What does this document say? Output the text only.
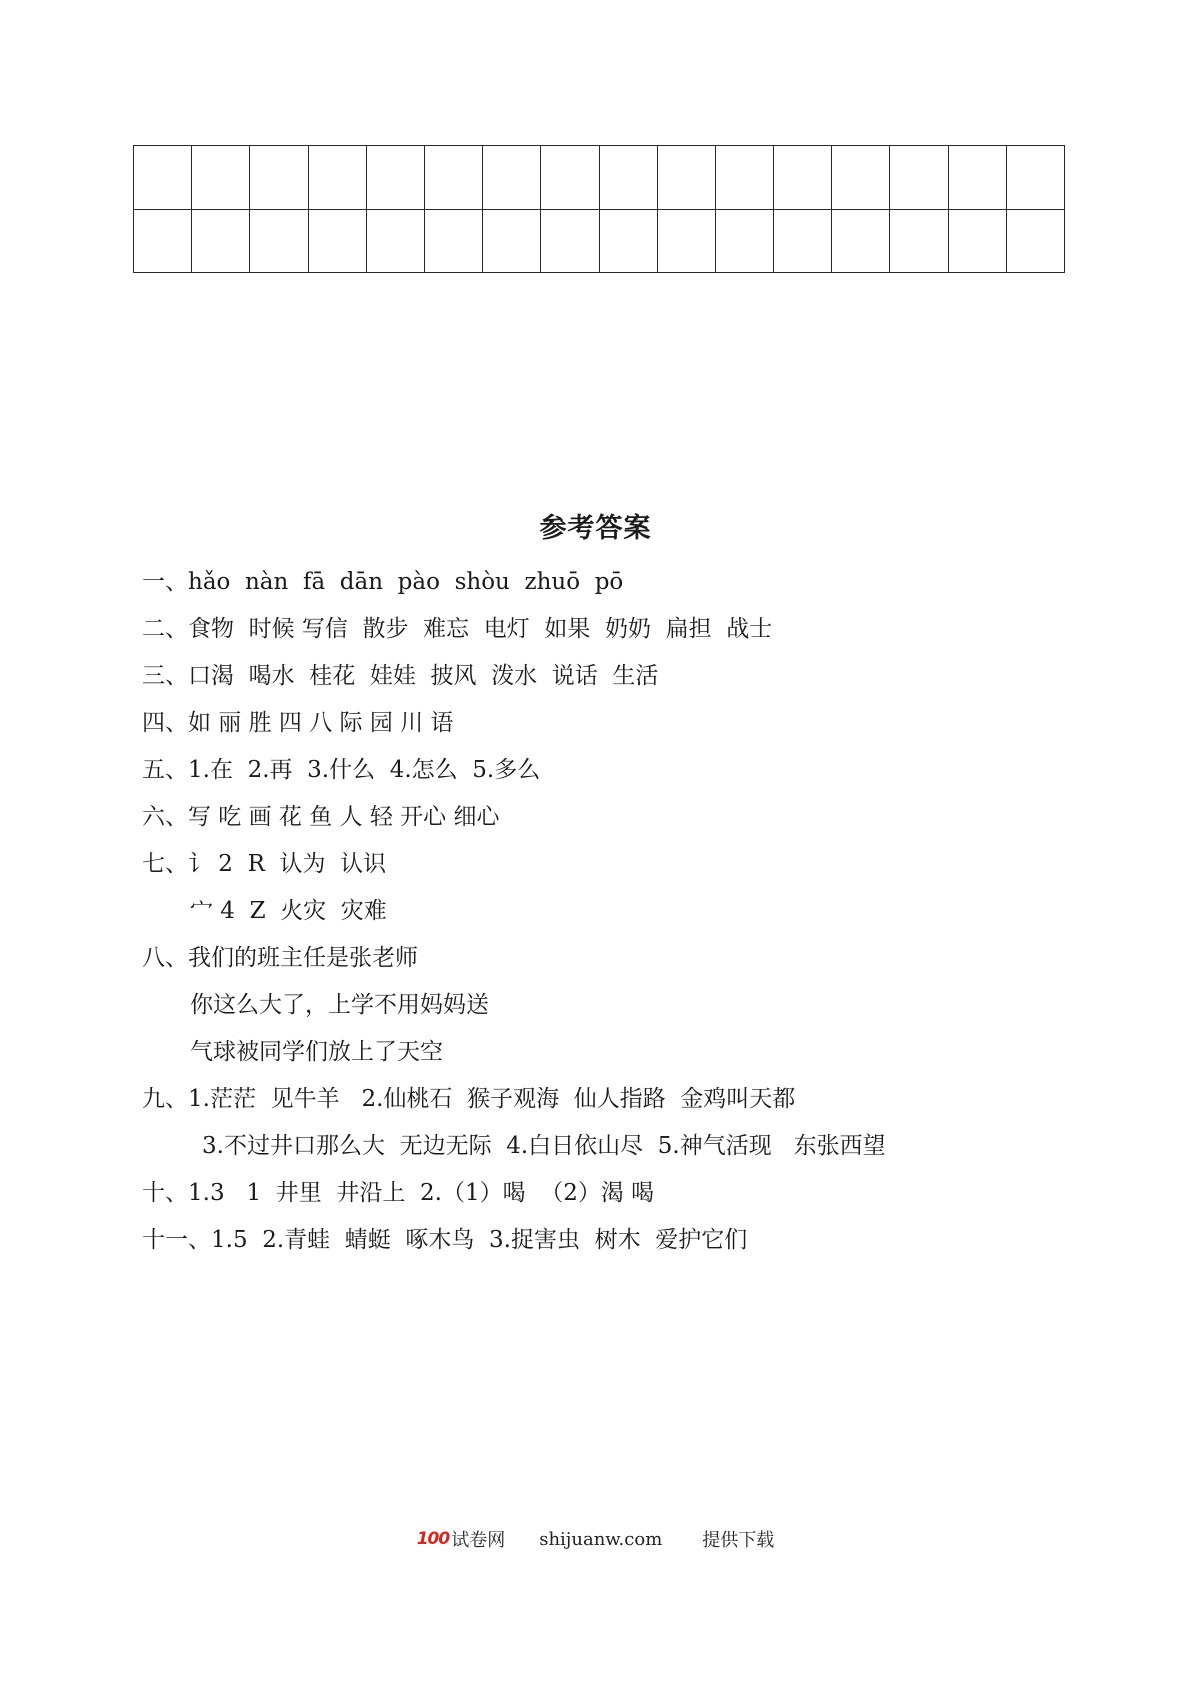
参考答案
一、hǎo  nàn  fā  dān  pào  shòu  zhuō  pō
二、食物  时候 写信  散步  难忘  电灯  如果  奶奶  扁担  战士
三、口渴  喝水  桂花  娃娃  披风  泼水  说话  生活
四、如 丽 胜 四 八 际 园 川 语
五、1.在  2.再  3.什么  4.怎么  5.多么
六、写 吃 画 花 鱼 人 轻 开心 细心
七、讠 2  R  认为  认识
宀 4  Z  火灾  灾难
八、我们的班主任是张老师
你这么大了，上学不用妈妈送
气球被同学们放上了天空
九、1.茫茫  见牛羊   2.仙桃石  猴子观海  仙人指路  金鸡叫天都
3.不过井口那么大  无边无际  4.白日依山尽  5.神气活现   东张西望
十、1.3   1  井里  井沿上  2.（1）喝  （2）渴 喝
十一、1.5  2.青蛙  蜻蜓  啄木鸟  3.捉害虫  树木  爱护它们
100 试卷网 shijuanw.com 提供下载
